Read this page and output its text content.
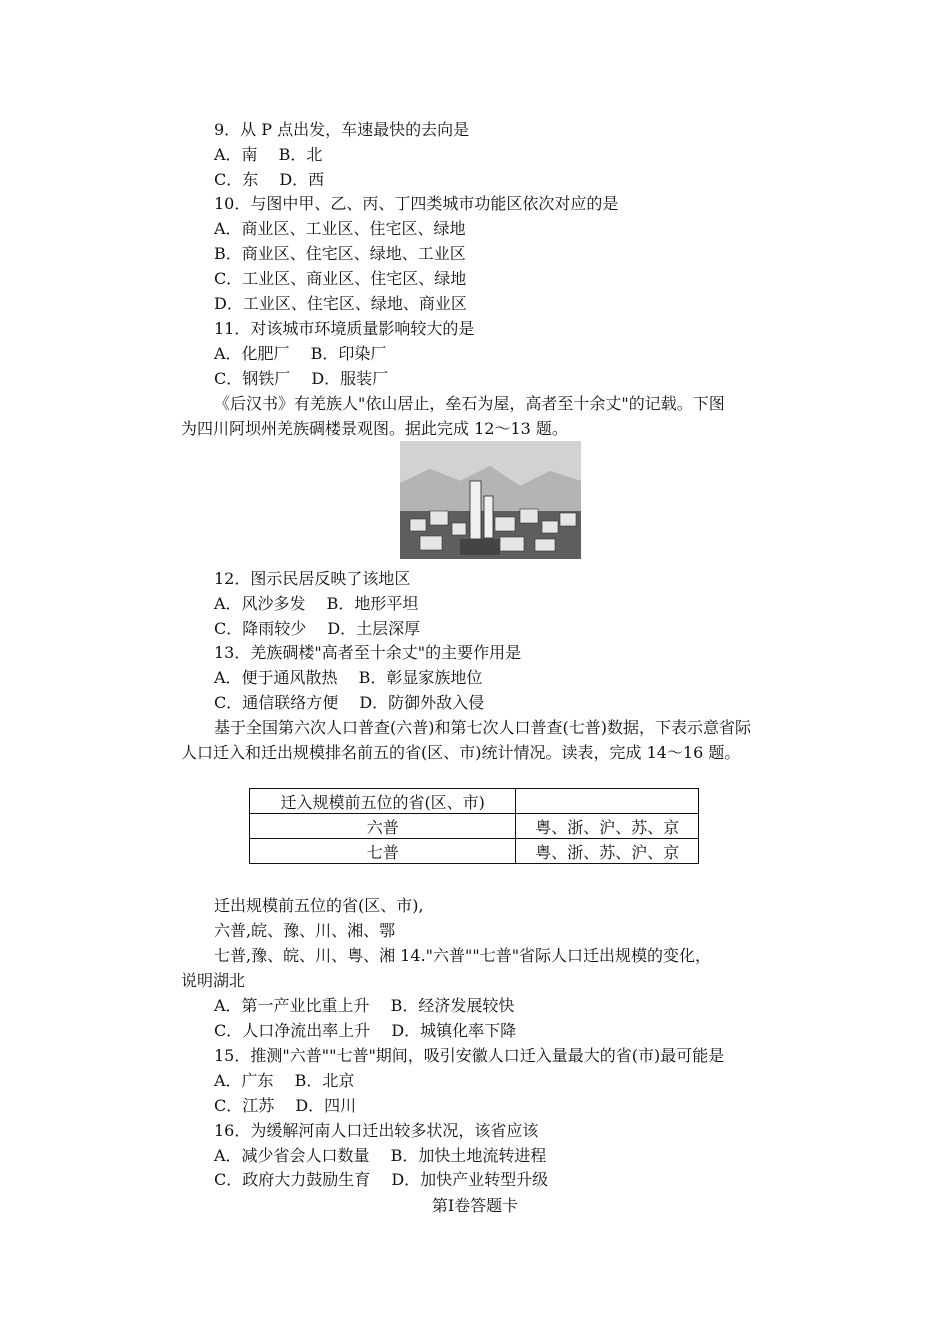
9．从 P 点出发，车速最快的去向是
A．南　 B．北
C．东　 D．西
10．与图中甲、乙、丙、丁四类城市功能区依次对应的是
A．商业区、工业区、住宅区、绿地
B．商业区、住宅区、绿地、工业区
C．工业区、商业区、住宅区、绿地
D．工业区、住宅区、绿地、商业区
11．对该城市环境质量影响较大的是
A．化肥厂　 B．印染厂
C．钢铁厂　 D．服装厂
《后汉书》有羌族人"依山居止，垒石为屋，高者至十余丈"的记载。下图
为四川阿坝州羌族碉楼景观图。据此完成 12～13 题。
12．图示民居反映了该地区
A．风沙多发　 B．地形平坦
C．降雨较少　 D．土层深厚
13．羌族碉楼"高者至十余丈"的主要作用是
A．便于通风散热　 B．彰显家族地位
C．通信联络方便　 D．防御外敌入侵
基于全国第六次人口普查(六普)和第七次人口普查(七普)数据，下表示意省际
人口迁入和迁出规模排名前五的省(区、市)统计情况。读表，完成 14～16 题。
迁入规模前五位的省(区、市)	
六普	粤、浙、沪、苏、京
七普	粤、浙、苏、沪、京
迁出规模前五位的省(区、市),
六普,皖、豫、川、湘、鄂
七普,豫、皖、川、粤、湘 14."六普""七普"省际人口迁出规模的变化，
说明湖北
A．第一产业比重上升　 B．经济发展较快
C．人口净流出率上升　 D．城镇化率下降
15．推测"六普""七普"期间，吸引安徽人口迁入量最大的省(市)最可能是
A．广东　 B．北京
C．江苏　 D．四川
16．为缓解河南人口迁出较多状况，该省应该
A．减少省会人口数量　 B．加快土地流转进程
C．政府大力鼓励生育　 D．加快产业转型升级
第Ⅰ卷答题卡
